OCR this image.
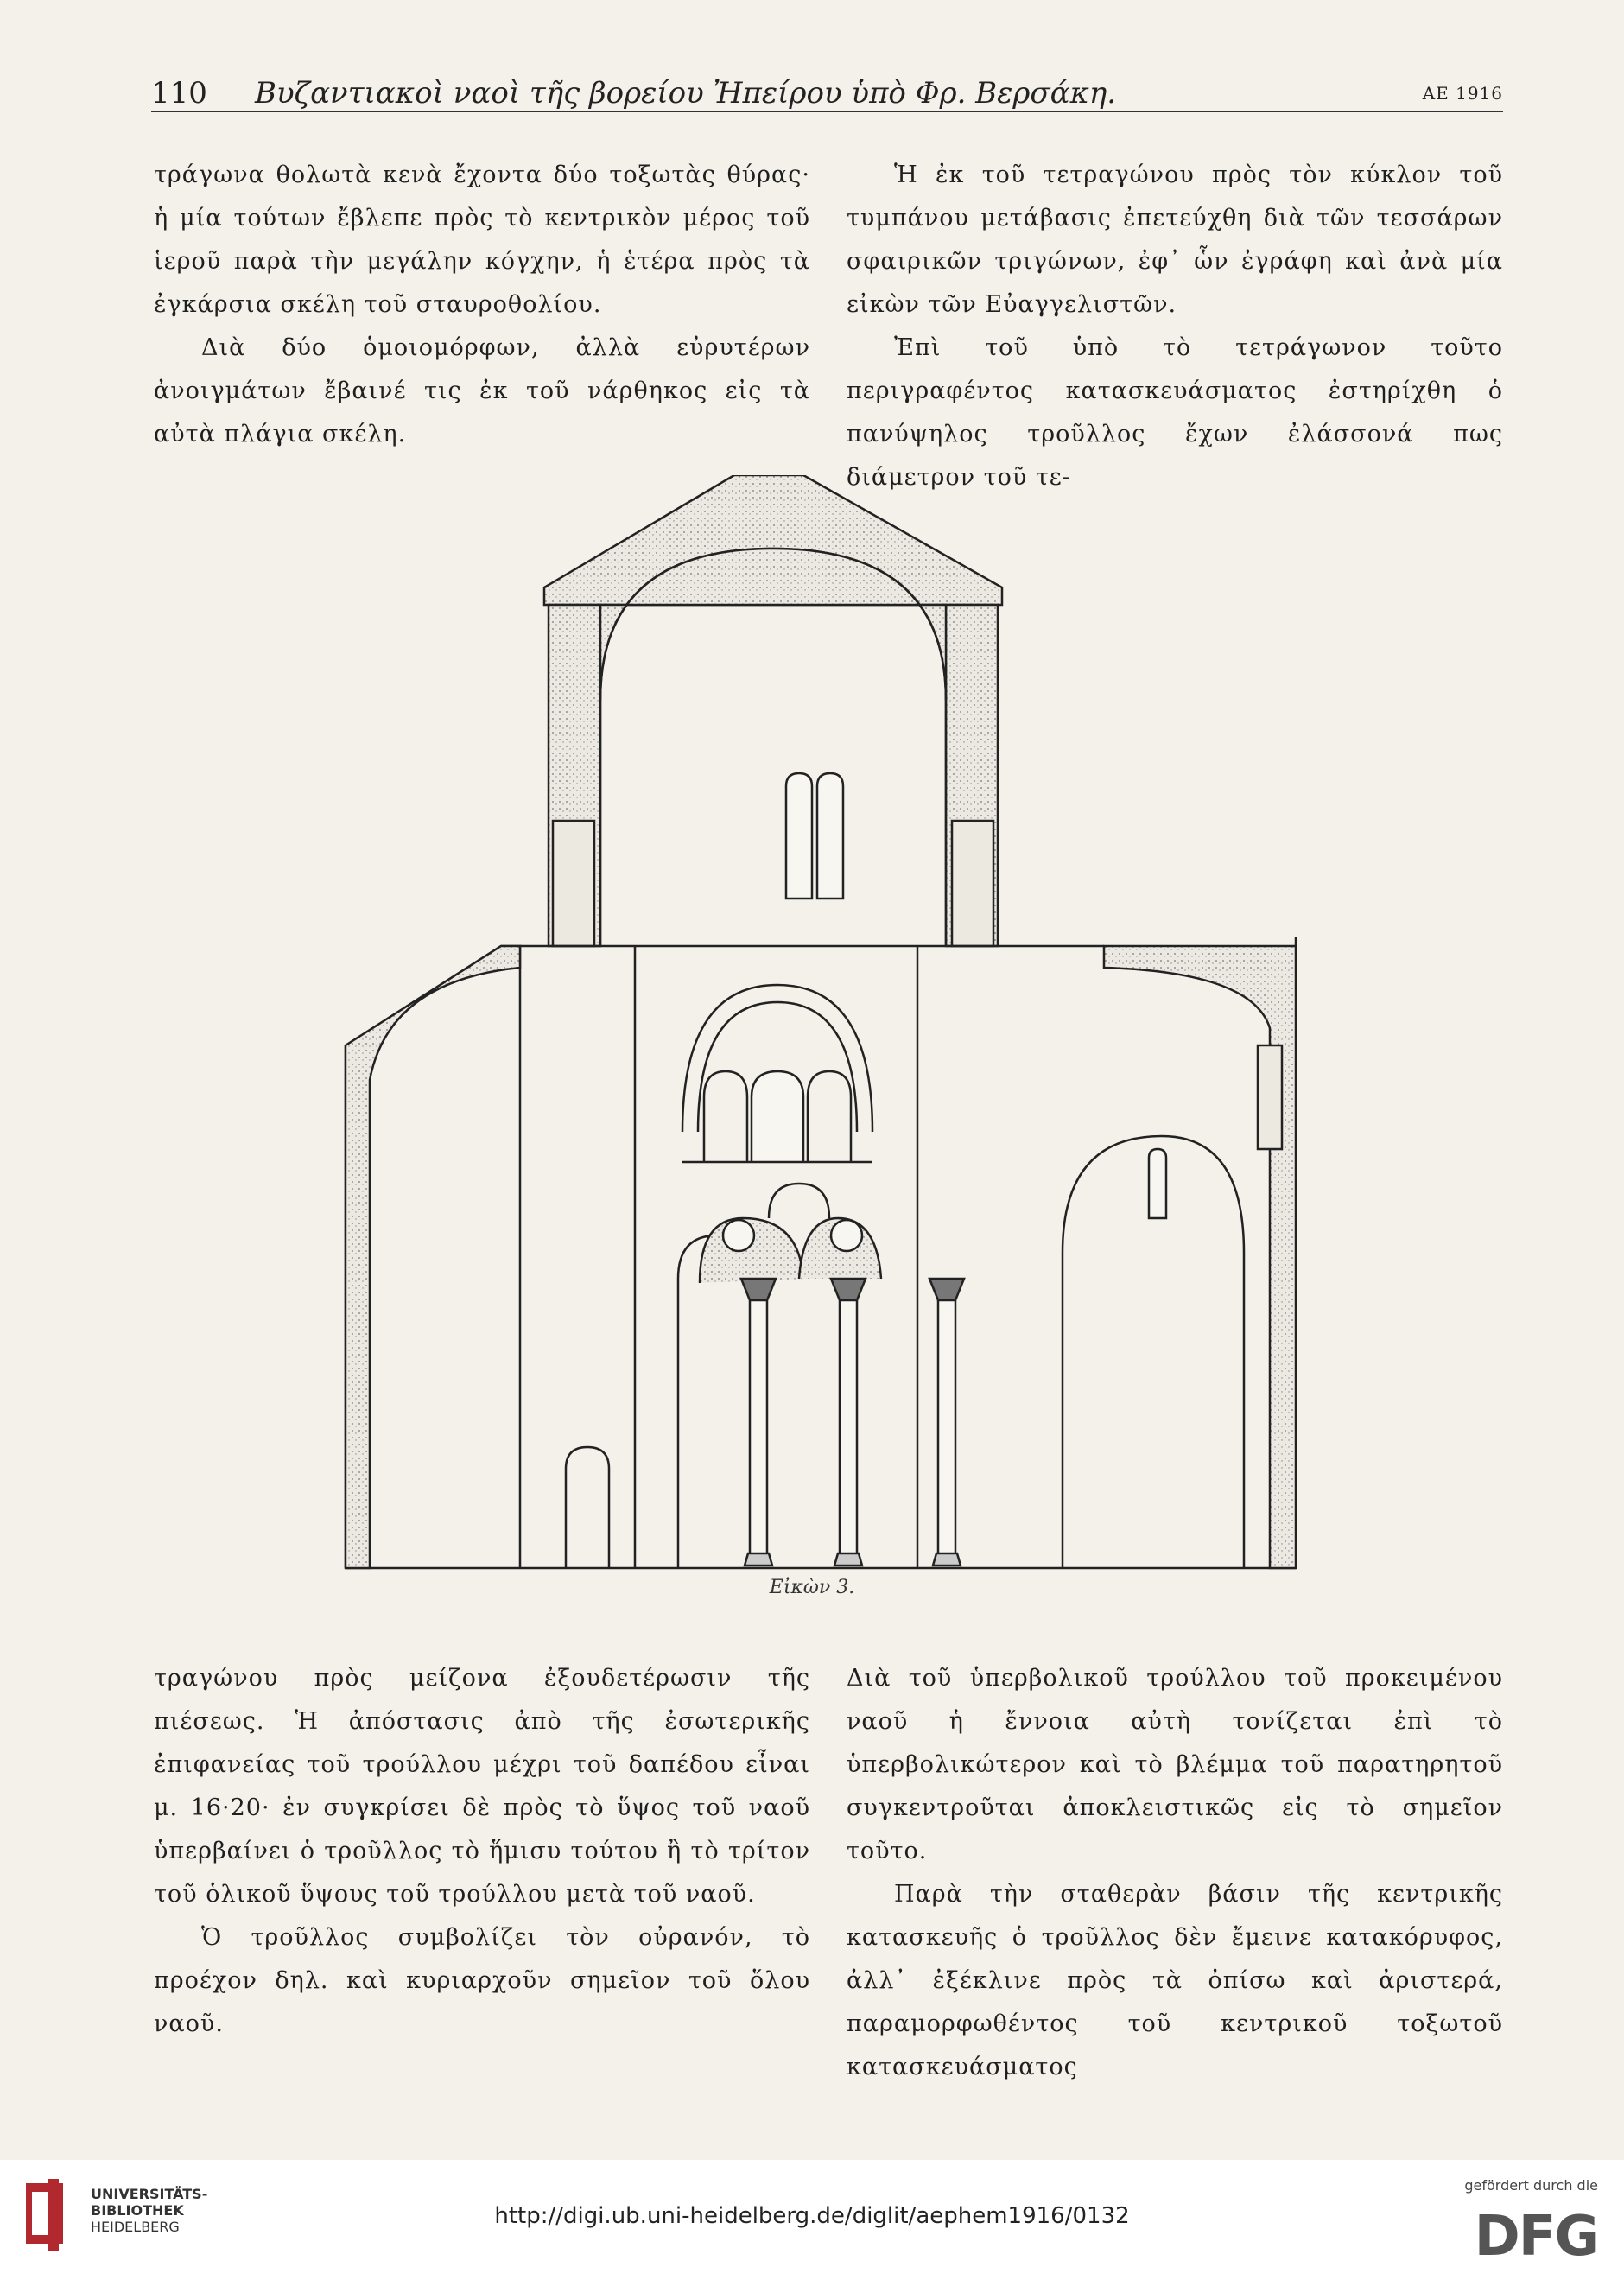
110 Βυζαντιακοὶ ναοὶ τῆς βορείου Ἠπείρου ὑπὸ Φρ. Βερσάκη.	ΑΕ 1916

τράγωνα θολωτὰ κενὰ ἔχοντα δύο τοξωτὰς θύρας· ἡ μία τούτων ἔβλεπε πρὸς τὸ κεντρικὸν μέρος τοῦ ἱεροῦ παρὰ τὴν μεγάλην κόγχην, ἡ ἑτέρα πρὸς τὰ ἐγκάρσια σκέλη τοῦ σταυροθολίου.

Διὰ δύο ὁμοιομόρφων, ἀλλὰ εὐρυτέρων ἀνοιγμάτων ἔβαινέ τις ἐκ τοῦ νάρθηκος εἰς τὰ αὐτὰ πλάγια σκέλη.

Ἡ ἐκ τοῦ τετραγώνου πρὸς τὸν κύκλον τοῦ τυμπάνου μετάβασις ἐπετεύχθη διὰ τῶν τεσσάρων σφαιρικῶν τριγώνων, ἐφ᾿ ὧν ἐγράφη καὶ ἀνὰ μία εἰκὼν τῶν Εὐαγγελιστῶν.

Ἐπὶ τοῦ ὑπὸ τὸ τετράγωνον τοῦτο περιγραφέντος κατασκευάσματος ἐστηρίχθη ὁ πανύψηλος τροῦλλος ἔχων ἐλάσσονά πως διάμετρον τοῦ τε-

Εἰκὼν 3.

τραγώνου πρὸς μείζονα ἐξουδετέρωσιν τῆς πιέσεως. Ἡ ἀπόστασις ἀπὸ τῆς ἐσωτερικῆς ἐπιφανείας τοῦ τρούλλου μέχρι τοῦ δαπέδου εἶναι μ. 16·20· ἐν συγκρίσει δὲ πρὸς τὸ ὕψος τοῦ ναοῦ ὑπερβαίνει ὁ τροῦλλος τὸ ἥμισυ τούτου ἢ τὸ τρίτον τοῦ ὁλικοῦ ὕψους τοῦ τρούλλου μετὰ τοῦ ναοῦ.

Ὁ τροῦλλος συμβολίζει τὸν οὐρανόν, τὸ προέχον δηλ. καὶ κυριαρχοῦν σημεῖον τοῦ ὅλου ναοῦ.

Διὰ τοῦ ὑπερβολικοῦ τρούλλου τοῦ προκειμένου ναοῦ ἡ ἔννοια αὐτὴ τονίζεται ἐπὶ τὸ ὑπερβολικώτερον καὶ τὸ βλέμμα τοῦ παρατηρητοῦ συγκεντροῦται ἀποκλειστικῶς εἰς τὸ σημεῖον τοῦτο.

Παρὰ τὴν σταθερὰν βάσιν τῆς κεντρικῆς κατασκευῆς ὁ τροῦλλος δὲν ἔμεινε κατακόρυφος, ἀλλ᾿ ἐξέκλινε πρὸς τὰ ὀπίσω καὶ ἀριστερά, παραμορφωθέντος τοῦ κεντρικοῦ τοξωτοῦ κατασκευάσματος

UNIVERSITÄTS-
BIBLIOTHEK
HEIDELBERG	http://digi.ub.uni-heidelberg.de/diglit/aephem1916/0132
gefördert durch die
DFG
